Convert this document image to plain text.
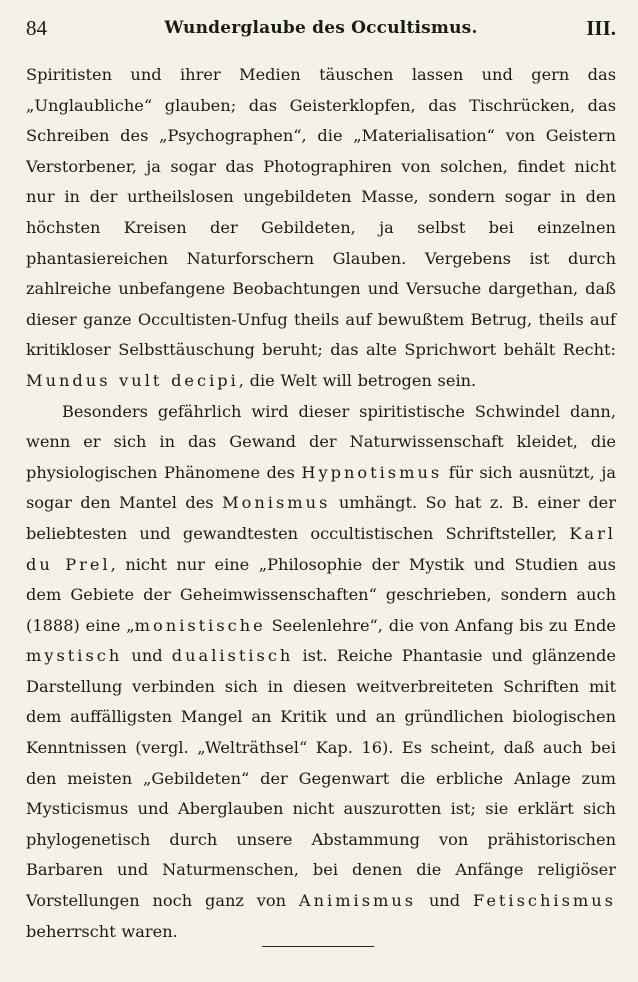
84	Wunderglaube des Occultismus.	III.

Spiritisten und ihrer Medien täuschen lassen und gern das „Unglaubliche“ glauben; das Geisterklopfen, das Tischrücken, das Schreiben des „Psychographen“, die „Materialisation“ von Geistern Verstorbener, ja sogar das Photographiren von solchen, findet nicht nur in der urtheilslosen ungebildeten Masse, sondern sogar in den höchsten Kreisen der Gebildeten, ja selbst bei einzelnen phantasiereichen Naturforschern Glauben. Vergebens ist durch zahlreiche unbefangene Beobachtungen und Versuche dargethan, daß dieser ganze Occultisten-Unfug theils auf bewußtem Betrug, theils auf kritikloser Selbsttäuschung beruht; das alte Sprichwort behält Recht: Mundus vult decipi, die Welt will betrogen sein.

Besonders gefährlich wird dieser spiritistische Schwindel dann, wenn er sich in das Gewand der Naturwissenschaft kleidet, die physiologischen Phänomene des Hypnotismus für sich ausnützt, ja sogar den Mantel des Monismus umhängt. So hat z. B. einer der beliebtesten und gewandtesten occultistischen Schriftsteller, Karl du Prel, nicht nur eine „Philosophie der Mystik und Studien aus dem Gebiete der Geheimwissenschaften“ geschrieben, sondern auch (1888) eine „monistische Seelenlehre“, die von Anfang bis zu Ende mystisch und dualistisch ist. Reiche Phantasie und glänzende Darstellung verbinden sich in diesen weitverbreiteten Schriften mit dem auffälligsten Mangel an Kritik und an gründlichen biologischen Kenntnissen (vergl. „Welträthsel“ Kap. 16). Es scheint, daß auch bei den meisten „Gebildeten“ der Gegenwart die erbliche Anlage zum Mysticismus und Aberglauben nicht auszurotten ist; sie erklärt sich phylogenetisch durch unsere Abstammung von prähistorischen Barbaren und Naturmenschen, bei denen die Anfänge religiöser Vorstellungen noch ganz von Animismus und Fetischismus beherrscht waren.
